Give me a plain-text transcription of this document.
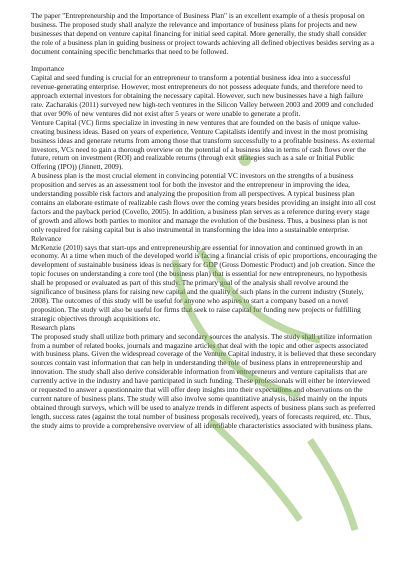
The paper "Entrepreneurship and the Importance of Business Plan" is an excellent example of a thesis proposal on business. The proposed study shall analyze the relevance and importance of business plans for projects and new businesses that depend on venture capital financing for initial seed capital. More generally, the study shall consider the role of a business plan in guiding business or project towards achieving all defined objectives besides serving as a document containing specific benchmarks that need to be followed.

Importance

Capital and seed funding is crucial for an entrepreneur to transform a potential business idea into a successful revenue-generating enterprise. However, most entrepreneurs do not possess adequate funds, and therefore need to approach external investors for obtaining the necessary capital. However, such new businesses have a high failure rate. Zacharakis (2011) surveyed new high-tech ventures in the Silicon Valley between 2003 and 2009 and concluded that over 90% of new ventures did not exist after 5 years or were unable to generate a profit.

Venture Capital (VC) firms specialize in investing in new ventures that are founded on the basis of unique value-creating business ideas. Based on years of experience, Venture Capitalists identify and invest in the most promising business ideas and generate returns from among those that transform successfully to a profitable business. As external investors, VCs need to gain a thorough overview on the potential of a business idea in terms of cash flows over the future, return on investment (ROI) and realizable returns (through exit strategies such as a sale or Initial Public Offering (IPO)) (Jinnett, 2009).

A business plan is the most crucial element in convincing potential VC investors on the strengths of a business proposition and serves as an assessment tool for both the investor and the entrepreneur in improving the idea, understanding possible risk factors and analyzing the proposition from all perspectives. A typical business plan contains an elaborate estimate of realizable cash flows over the coming years besides providing an insight into all cost factors and the payback period (Covello, 2005). In addition, a business plan serves as a reference during every stage of growth and allows both parties to monitor and manage the evolution of the business. Thus, a business plan is not only required for raising capital but is also instrumental in transforming the idea into a sustainable enterprise.

Relevance

McKenzie (2010) says that start-ups and entrepreneurship are essential for innovation and continued growth in an economy. At a time when much of the developed world is facing a financial crisis of epic proportions, encouraging the development of sustainable business ideas is necessary for GDP (Gross Domestic Product) and job creation. Since the topic focuses on understanding a core tool (the business plan) that is essential for new entrepreneurs, no hypothesis shall be proposed or evaluated as part of this study. The primary goal of the analysis shall revolve around the significance of business plans for raising new capital and the quality of such plans in the current industry (Stutely, 2008). The outcomes of this study will be useful for anyone who aspires to start a company based on a novel proposition. The study will also be useful for firms that seek to raise capital for funding new projects or fulfilling strategic objectives through acquisitions etc.

Research plans

The proposed study shall utilize both primary and secondary sources the analysis. The study shall utilize information from a number of related books, journals and magazine articles that deal with the topic and other aspects associated with business plans. Given the widespread coverage of the Venture Capital industry, it is believed that these secondary sources contain vast information that can help in understanding the role of business plans in entrepreneurship and innovation. The study shall also derive considerable information from entrepreneurs and venture capitalists that are currently active in the industry and have participated in such funding. These professionals will either be interviewed or requested to answer a questionnaire that will offer deep insights into their expectations and observations on the current nature of business plans. The study will also involve some quantitative analysis, based mainly on the inputs obtained through surveys, which will be used to analyze trends in different aspects of business plans such as preferred length, success rates (against the total number of business proposals received), years of forecasts required, etc. Thus, the study aims to provide a comprehensive overview of all identifiable characteristics associated with business plans.
